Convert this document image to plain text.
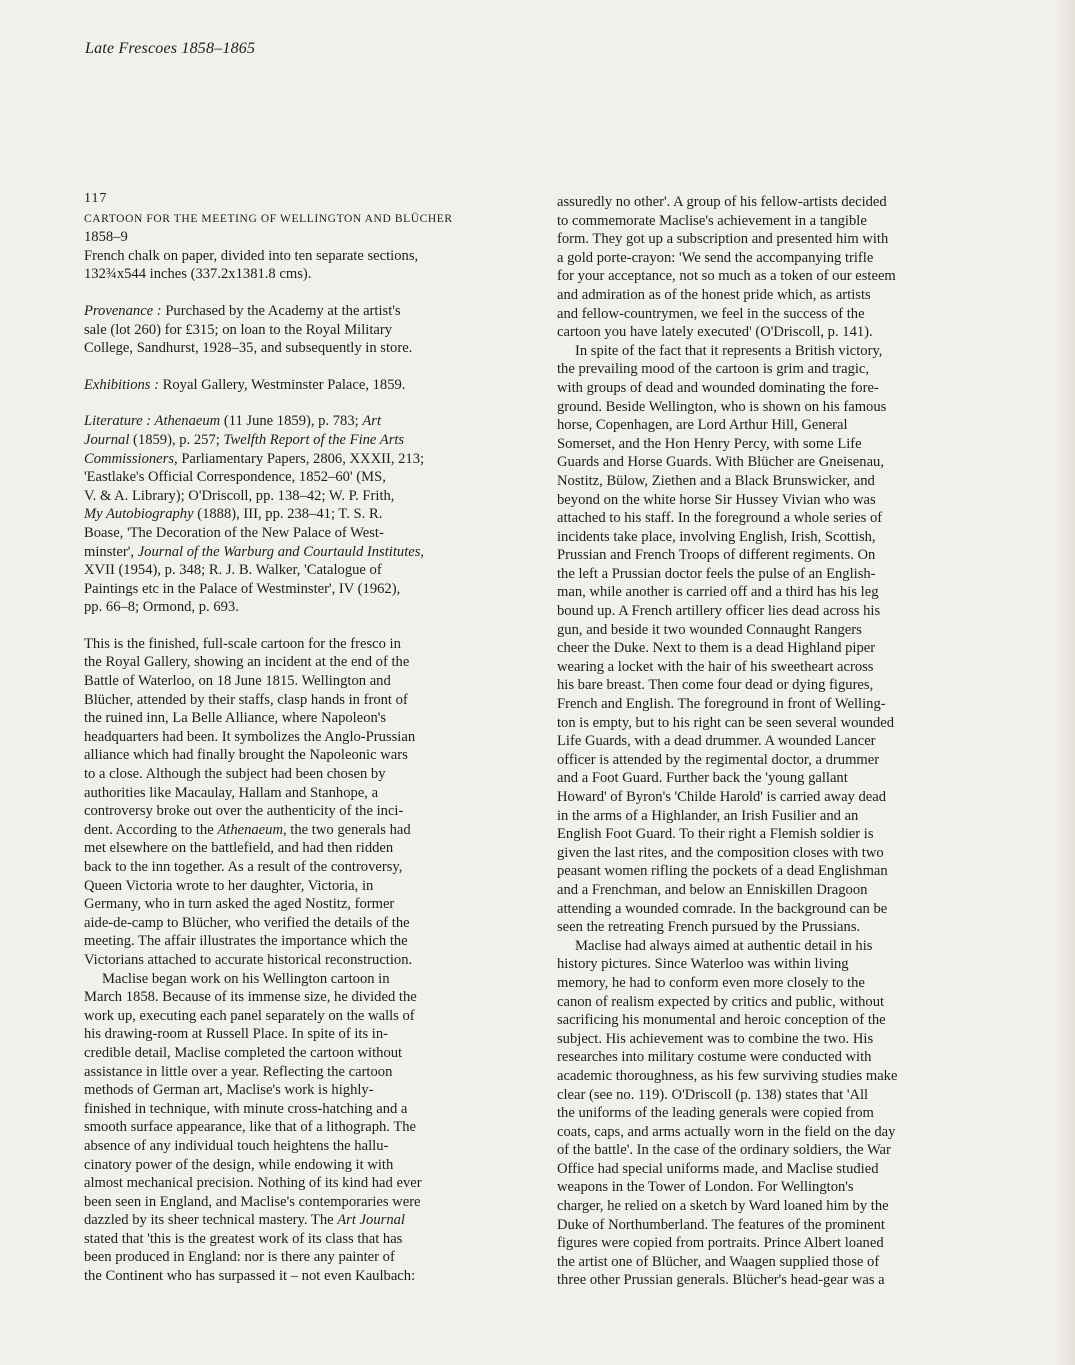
Late Frescoes 1858–1865
117
CARTOON FOR THE MEETING OF WELLINGTON AND BLÜCHER
1858–9
French chalk on paper, divided into ten separate sections,
132¾x544 inches (337.2x1381.8 cms).
Provenance : Purchased by the Academy at the artist's
sale (lot 260) for £315; on loan to the Royal Military
College, Sandhurst, 1928–35, and subsequently in store.
Exhibitions : Royal Gallery, Westminster Palace, 1859.
Literature : Athenaeum (11 June 1859), p. 783; Art
Journal (1859), p. 257; Twelfth Report of the Fine Arts
Commissioners, Parliamentary Papers, 2806, XXXII, 213;
'Eastlake's Official Correspondence, 1852–60' (MS,
V. & A. Library); O'Driscoll, pp. 138–42; W. P. Frith,
My Autobiography (1888), III, pp. 238–41; T. S. R.
Boase, 'The Decoration of the New Palace of West-
minster', Journal of the Warburg and Courtauld Institutes,
XVII (1954), p. 348; R. J. B. Walker, 'Catalogue of
Paintings etc in the Palace of Westminster', IV (1962),
pp. 66–8; Ormond, p. 693.
This is the finished, full-scale cartoon for the fresco in
the Royal Gallery, showing an incident at the end of the
Battle of Waterloo, on 18 June 1815. Wellington and
Blücher, attended by their staffs, clasp hands in front of
the ruined inn, La Belle Alliance, where Napoleon's
headquarters had been. It symbolizes the Anglo-Prussian
alliance which had finally brought the Napoleonic wars
to a close. Although the subject had been chosen by
authorities like Macaulay, Hallam and Stanhope, a
controversy broke out over the authenticity of the inci-
dent. According to the Athenaeum, the two generals had
met elsewhere on the battlefield, and had then ridden
back to the inn together. As a result of the controversy,
Queen Victoria wrote to her daughter, Victoria, in
Germany, who in turn asked the aged Nostitz, former
aide-de-camp to Blücher, who verified the details of the
meeting. The affair illustrates the importance which the
Victorians attached to accurate historical reconstruction.
Maclise began work on his Wellington cartoon in
March 1858. Because of its immense size, he divided the
work up, executing each panel separately on the walls of
his drawing-room at Russell Place. In spite of its in-
credible detail, Maclise completed the cartoon without
assistance in little over a year. Reflecting the cartoon
methods of German art, Maclise's work is highly-
finished in technique, with minute cross-hatching and a
smooth surface appearance, like that of a lithograph. The
absence of any individual touch heightens the hallu-
cinatory power of the design, while endowing it with
almost mechanical precision. Nothing of its kind had ever
been seen in England, and Maclise's contemporaries were
dazzled by its sheer technical mastery. The Art Journal
stated that 'this is the greatest work of its class that has
been produced in England: nor is there any painter of
the Continent who has surpassed it – not even Kaulbach:
assuredly no other'. A group of his fellow-artists decided
to commemorate Maclise's achievement in a tangible
form. They got up a subscription and presented him with
a gold porte-crayon: 'We send the accompanying trifle
for your acceptance, not so much as a token of our esteem
and admiration as of the honest pride which, as artists
and fellow-countrymen, we feel in the success of the
cartoon you have lately executed' (O'Driscoll, p. 141).
In spite of the fact that it represents a British victory,
the prevailing mood of the cartoon is grim and tragic,
with groups of dead and wounded dominating the fore-
ground. Beside Wellington, who is shown on his famous
horse, Copenhagen, are Lord Arthur Hill, General
Somerset, and the Hon Henry Percy, with some Life
Guards and Horse Guards. With Blücher are Gneisenau,
Nostitz, Bülow, Ziethen and a Black Brunswicker, and
beyond on the white horse Sir Hussey Vivian who was
attached to his staff. In the foreground a whole series of
incidents take place, involving English, Irish, Scottish,
Prussian and French Troops of different regiments. On
the left a Prussian doctor feels the pulse of an English-
man, while another is carried off and a third has his leg
bound up. A French artillery officer lies dead across his
gun, and beside it two wounded Connaught Rangers
cheer the Duke. Next to them is a dead Highland piper
wearing a locket with the hair of his sweetheart across
his bare breast. Then come four dead or dying figures,
French and English. The foreground in front of Welling-
ton is empty, but to his right can be seen several wounded
Life Guards, with a dead drummer. A wounded Lancer
officer is attended by the regimental doctor, a drummer
and a Foot Guard. Further back the 'young gallant
Howard' of Byron's 'Childe Harold' is carried away dead
in the arms of a Highlander, an Irish Fusilier and an
English Foot Guard. To their right a Flemish soldier is
given the last rites, and the composition closes with two
peasant women rifling the pockets of a dead Englishman
and a Frenchman, and below an Enniskillen Dragoon
attending a wounded comrade. In the background can be
seen the retreating French pursued by the Prussians.
Maclise had always aimed at authentic detail in his
history pictures. Since Waterloo was within living
memory, he had to conform even more closely to the
canon of realism expected by critics and public, without
sacrificing his monumental and heroic conception of the
subject. His achievement was to combine the two. His
researches into military costume were conducted with
academic thoroughness, as his few surviving studies make
clear (see no. 119). O'Driscoll (p. 138) states that 'All
the uniforms of the leading generals were copied from
coats, caps, and arms actually worn in the field on the day
of the battle'. In the case of the ordinary soldiers, the War
Office had special uniforms made, and Maclise studied
weapons in the Tower of London. For Wellington's
charger, he relied on a sketch by Ward loaned him by the
Duke of Northumberland. The features of the prominent
figures were copied from portraits. Prince Albert loaned
the artist one of Blücher, and Waagen supplied those of
three other Prussian generals. Blücher's head-gear was a
